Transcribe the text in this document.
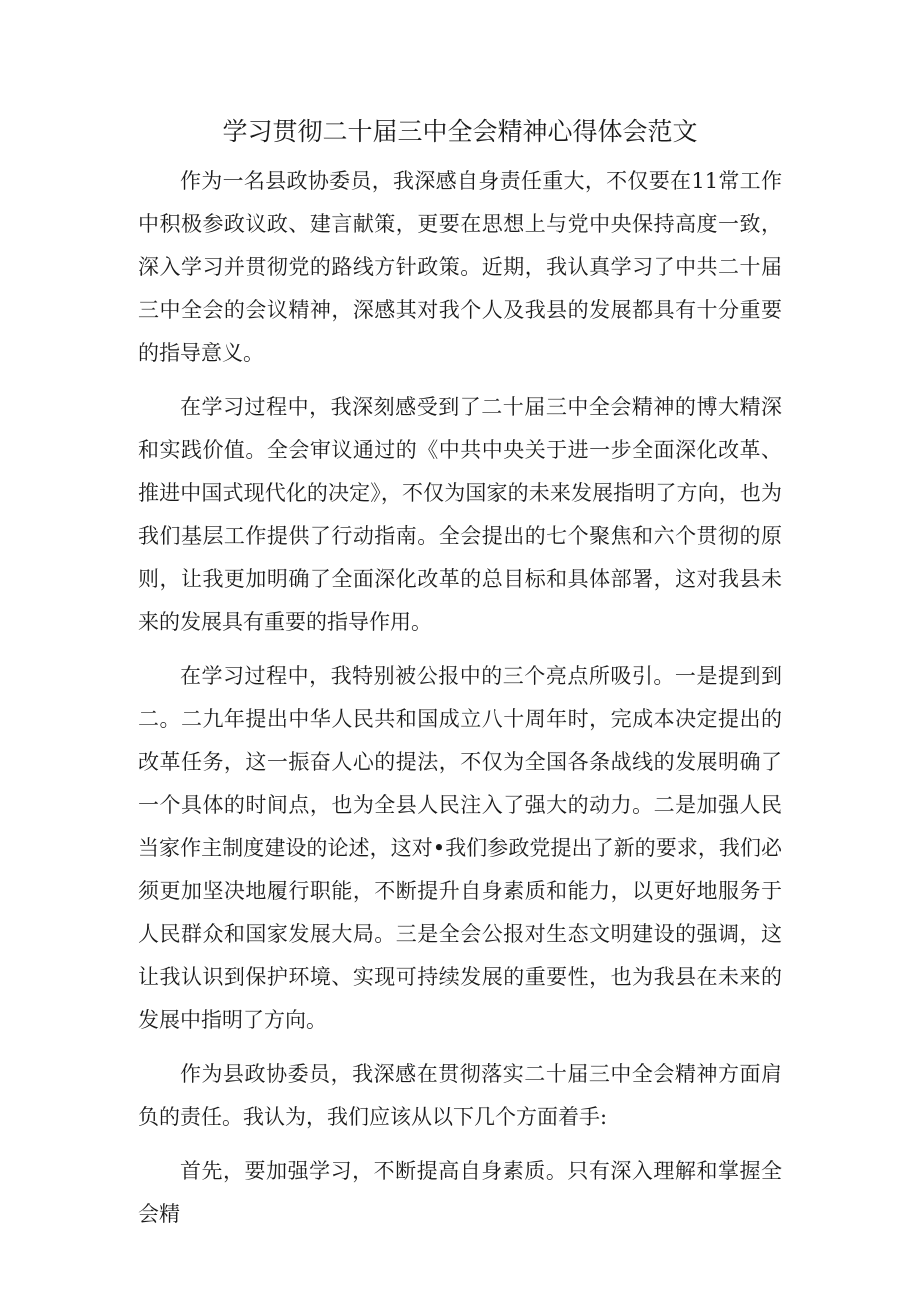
学习贯彻二十届三中全会精神心得体会范文

作为一名县政协委员，我深感自身责任重大，不仅要在11常工作中积极参政议政、建言献策，更要在思想上与党中央保持高度一致，深入学习并贯彻党的路线方针政策。近期，我认真学习了中共二十届三中全会的会议精神，深感其对我个人及我县的发展都具有十分重要的指导意义。

在学习过程中，我深刻感受到了二十届三中全会精神的博大精深和实践价值。全会审议通过的《中共中央关于进一步全面深化改革、推进中国式现代化的决定》，不仅为国家的未来发展指明了方向，也为我们基层工作提供了行动指南。全会提出的七个聚焦和六个贯彻的原则，让我更加明确了全面深化改革的总目标和具体部署，这对我县未来的发展具有重要的指导作用。

在学习过程中，我特别被公报中的三个亮点所吸引。一是提到到二。二九年提出中华人民共和国成立八十周年时，完成本决定提出的改革任务，这一振奋人心的提法，不仅为全国各条战线的发展明确了一个具体的时间点，也为全县人民注入了强大的动力。二是加强人民当家作主制度建设的论述，这对•我们参政党提出了新的要求，我们必须更加坚决地履行职能，不断提升自身素质和能力，以更好地服务于人民群众和国家发展大局。三是全会公报对生态文明建设的强调，这让我认识到保护环境、实现可持续发展的重要性，也为我县在未来的发展中指明了方向。

作为县政协委员，我深感在贯彻落实二十届三中全会精神方面肩负的责任。我认为，我们应该从以下几个方面着手:

首先，要加强学习，不断提高自身素质。只有深入理解和掌握全会精
